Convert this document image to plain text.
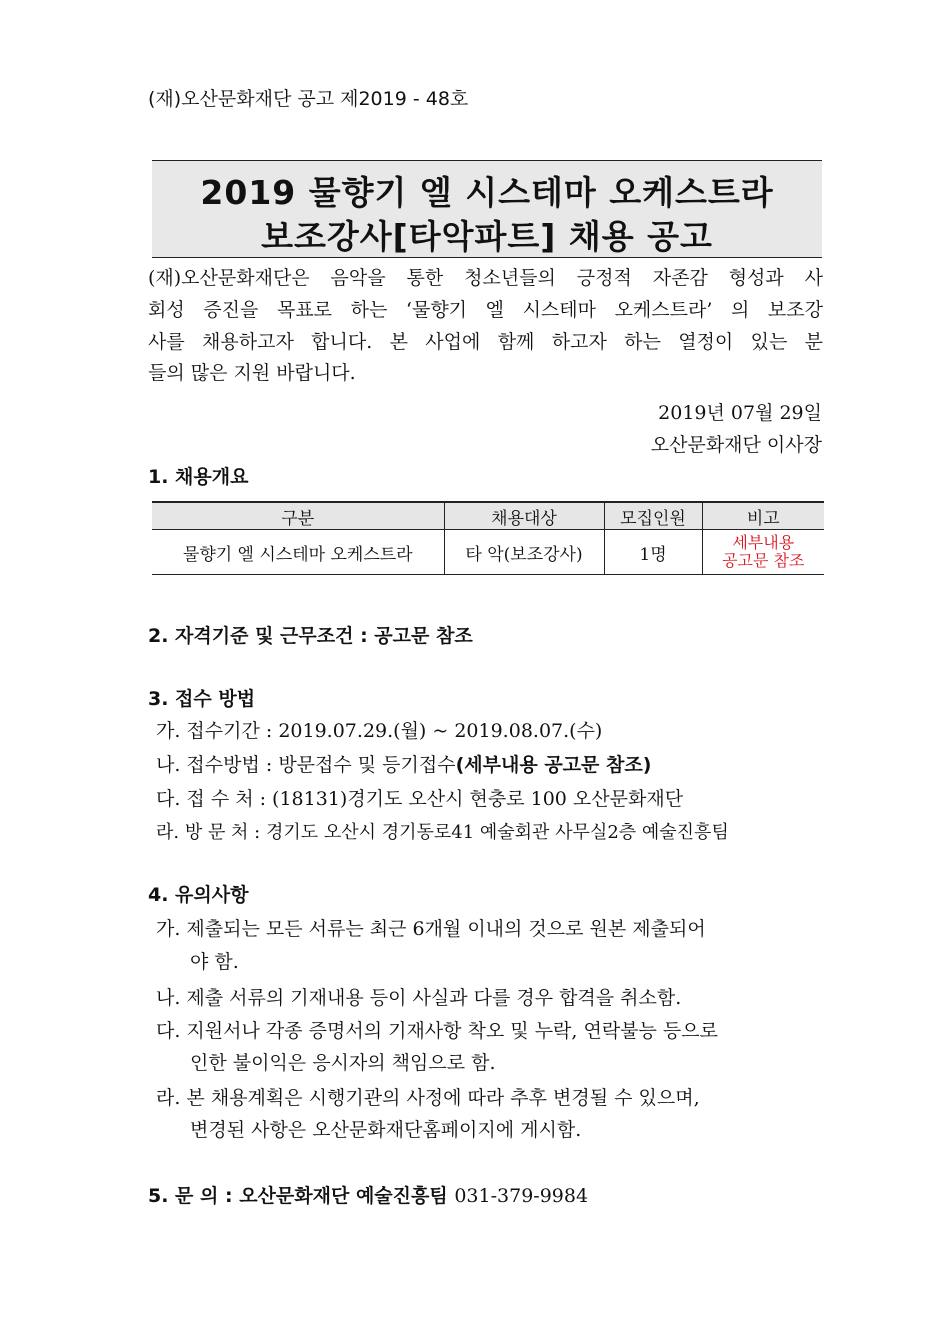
(재)오산문화재단 공고 제2019 - 48호
2019 물향기 엘 시스테마 오케스트라
보조강사[타악파트] 채용 공고
(재)오산문화재단은 음악을 통한 청소년들의 긍정적 자존감 형성과 사
회성 증진을 목표로 하는 ‘물향기 엘 시스테마 오케스트라’ 의 보조강
사를 채용하고자 합니다. 본 사업에 함께 하고자 하는 열정이 있는 분
들의 많은 지원 바랍니다.
2019년 07월 29일
오산문화재단 이사장
1. 채용개요
구분	채용대상	모집인원	비고
물향기 엘 시스테마 오케스트라	타 악(보조강사)	1명	세부내용
공고문 참조
2. 자격기준 및 근무조건 : 공고문 참조
3. 접수 방법
가. 접수기간 : 2019.07.29.(월) ~ 2019.08.07.(수)
나. 접수방법 : 방문접수 및 등기접수(세부내용 공고문 참조)
다. 접 수 처 : (18131)경기도 오산시 현충로 100 오산문화재단
라. 방 문 처 : 경기도 오산시 경기동로41 예술회관 사무실2층 예술진흥팀
4. 유의사항
가. 제출되는 모든 서류는 최근 6개월 이내의 것으로 원본 제출되어
야 함.
나. 제출 서류의 기재내용 등이 사실과 다를 경우 합격을 취소함.
다. 지원서나 각종 증명서의 기재사항 착오 및 누락, 연락불능 등으로
인한 불이익은 응시자의 책임으로 함.
라. 본 채용계획은 시행기관의 사정에 따라 추후 변경될 수 있으며,
변경된 사항은 오산문화재단홈페이지에 게시함.
5. 문 의 : 오산문화재단 예술진흥팀 031-379-9984
